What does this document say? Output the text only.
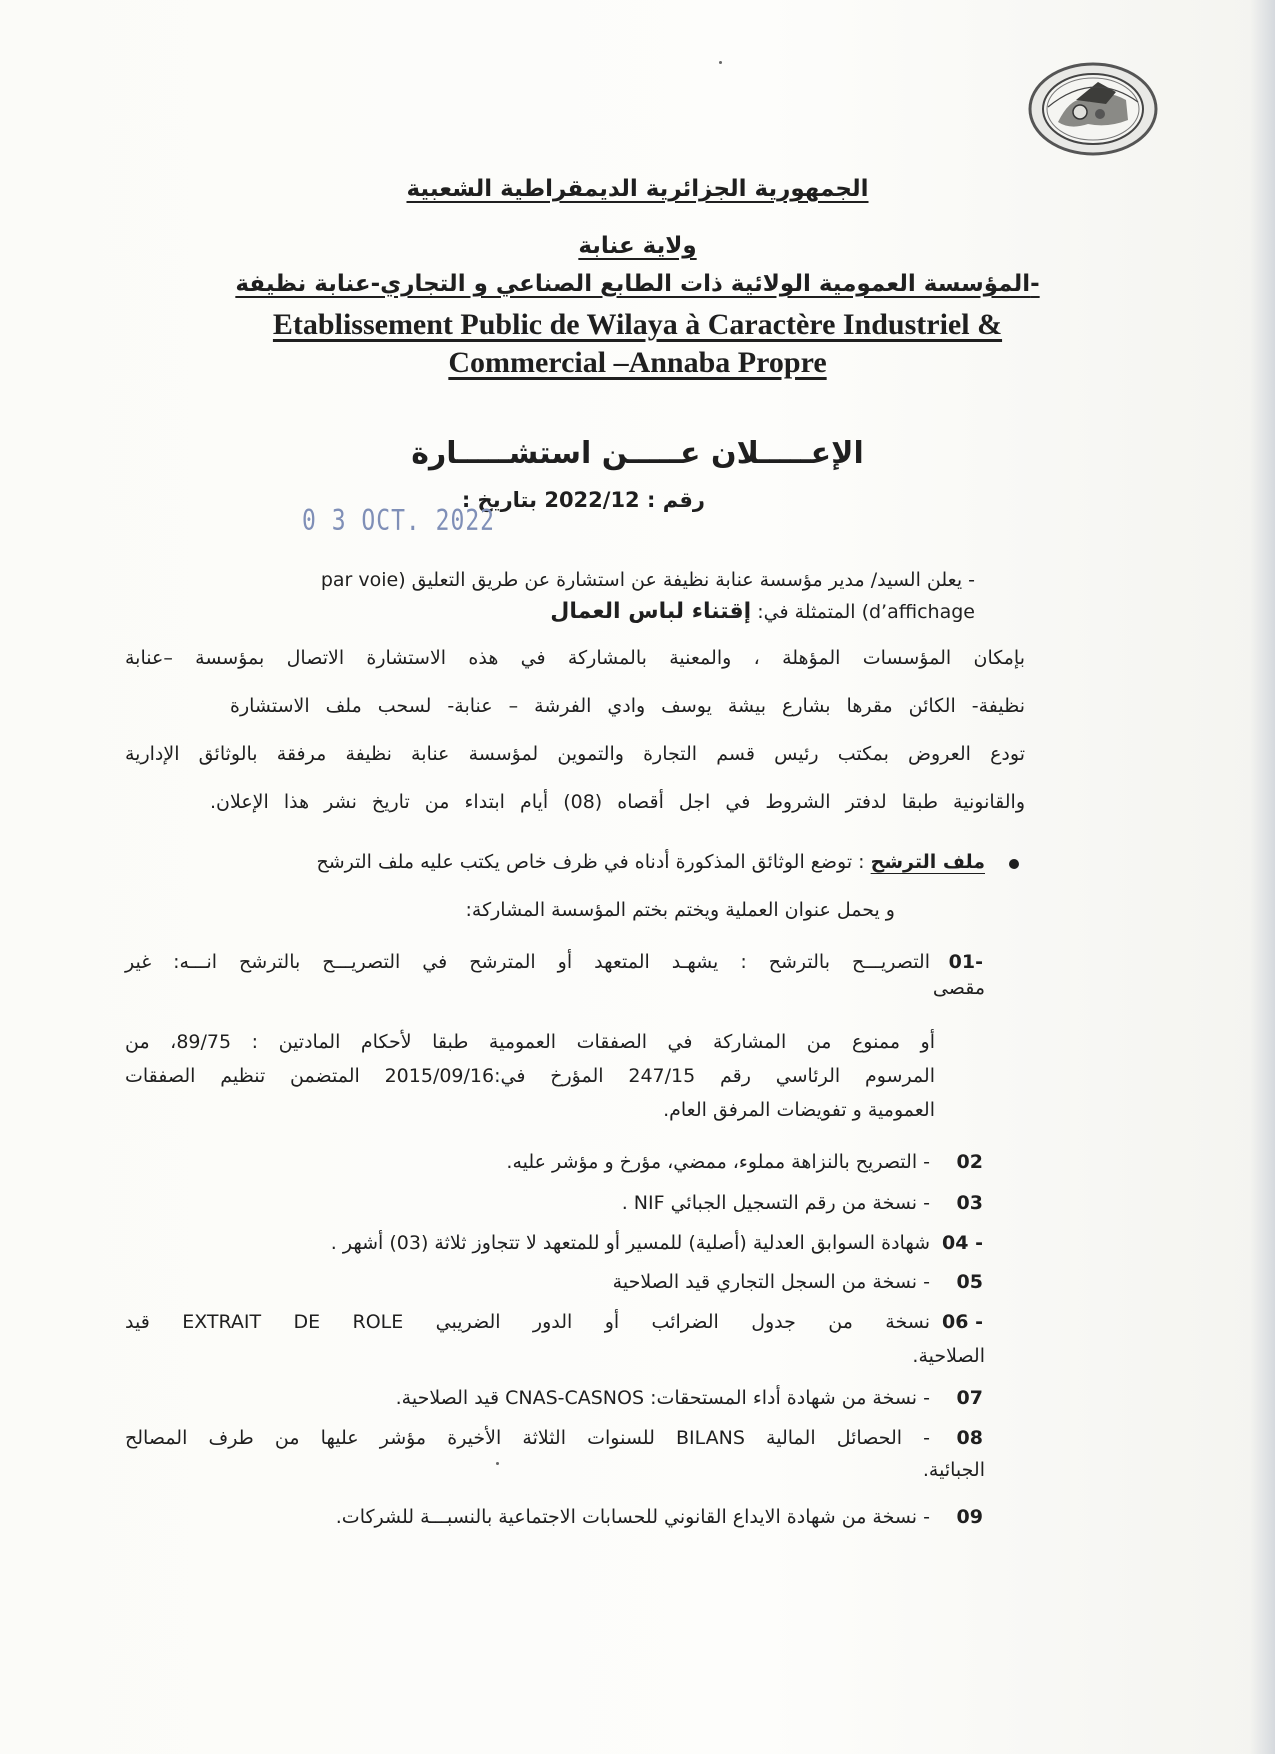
الجمهورية الجزائرية الديمقراطية الشعبية
ولاية عنابة
المؤسسة العمومية الولائية ذات الطابع الصناعي و التجاري-عنابة نظيفة-
Etablissement Public de Wilaya à Caractère Industriel &
Commercial –Annaba Propre
الإعـــــلان عـــــن استشـــــارة
رقم : 2022/12 بتاريخ :
0 3 OCT. 2022
- يعلن السيد/ مدير مؤسسة عنابة نظيفة عن استشارة عن طريق التعليق (par voie
d’affichage) المتمثلة في: إقتناء لباس العمال
بإمكان المؤسسات المؤهلة ، والمعنية بالمشاركة في هذه الاستشارة الاتصال بمؤسسة –عنابة
نظيفة- الكائن مقرها بشارع بيشة يوسف وادي الفرشة – عنابة- لسحب ملف الاستشارة
تودع العروض بمكتب رئيس قسم التجارة والتموين لمؤسسة عنابة نظيفة مرفقة بالوثائق الإدارية
والقانونية طبقا لدفتر الشروط في اجل أقصاه (08) أيام ابتداء من تاريخ نشر هذا الإعلان.
ملف الترشح : توضع الوثائق المذكورة أدناه في ظرف خاص يكتب عليه ملف الترشح
و يحمل عنوان العملية ويختم بختم المؤسسة المشاركة:
01-
التصريـــح بالترشح : يشهـد المتعهد أو المترشح في التصريـــح بالترشح انـــه: غير
مقصى
أو ممنوع من المشاركة في الصفقات العمومية طبقا لأحكام المادتين : 89/75، من
المرسوم الرئاسي رقم 247/15 المؤرخ في:2015/09/16 المتضمن تنظيم الصفقات
العمومية و تفويضات المرفق العام.
02
- التصريح بالنزاهة مملوء، ممضي، مؤرخ و مؤشر عليه.
03
- نسخة من رقم التسجيل الجبائي NIF .
04 -
شهادة السوابق العدلية (أصلية) للمسير أو للمتعهد لا تتجاوز ثلاثة (03) أشهر .
05
- نسخة من السجل التجاري قيد الصلاحية
06 -
نسخة من جدول الضرائب أو الدور الضريبي EXTRAIT DE ROLE قيد
الصلاحية.
07
- نسخة من شهادة أداء المستحقات: CNAS-CASNOS قيد الصلاحية.
08
- الحصائل المالية BILANS للسنوات الثلاثة الأخيرة مؤشر عليها من طرف المصالح
الجبائية.
09
- نسخة من شهادة الايداع القانوني للحسابات الاجتماعية بالنسبـــة للشركات.
